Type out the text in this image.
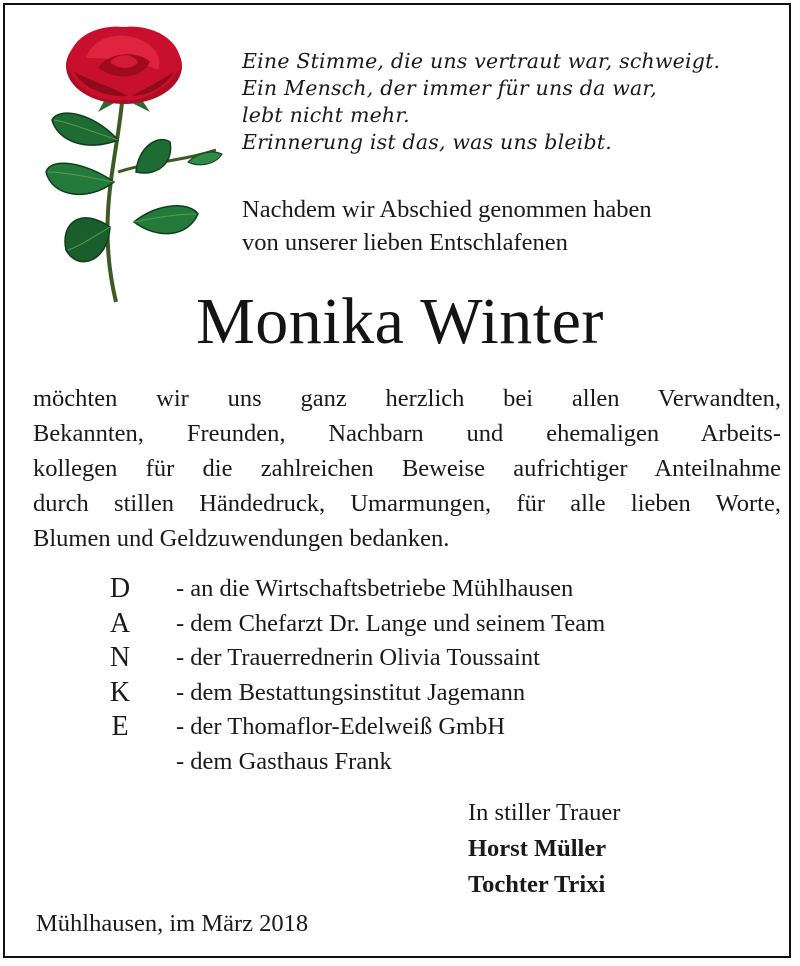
Eine Stimme, die uns vertraut war, schweigt.
Ein Mensch, der immer für uns da war,
lebt nicht mehr.
Erinnerung ist das, was uns bleibt.
Nachdem wir Abschied genommen haben
von unserer lieben Entschlafenen
Monika Winter
möchten wir uns ganz herzlich bei allen Verwandten,
Bekannten, Freunden, Nachbarn und ehemaligen Arbeits-
kollegen für die zahlreichen Beweise aufrichtiger Anteilnahme
durch stillen Händedruck, Umarmungen, für alle lieben Worte,
Blumen und Geldzuwendungen bedanken.
D
A
N
K
E
- an die Wirtschaftsbetriebe Mühlhausen
- dem Chefarzt Dr. Lange und seinem Team
- der Trauerrednerin Olivia Toussaint
- dem Bestattungsinstitut Jagemann
- der Thomaflor-Edelweiß GmbH
- dem Gasthaus Frank
In stiller Trauer
Horst Müller
Tochter Trixi
Mühlhausen, im März 2018
